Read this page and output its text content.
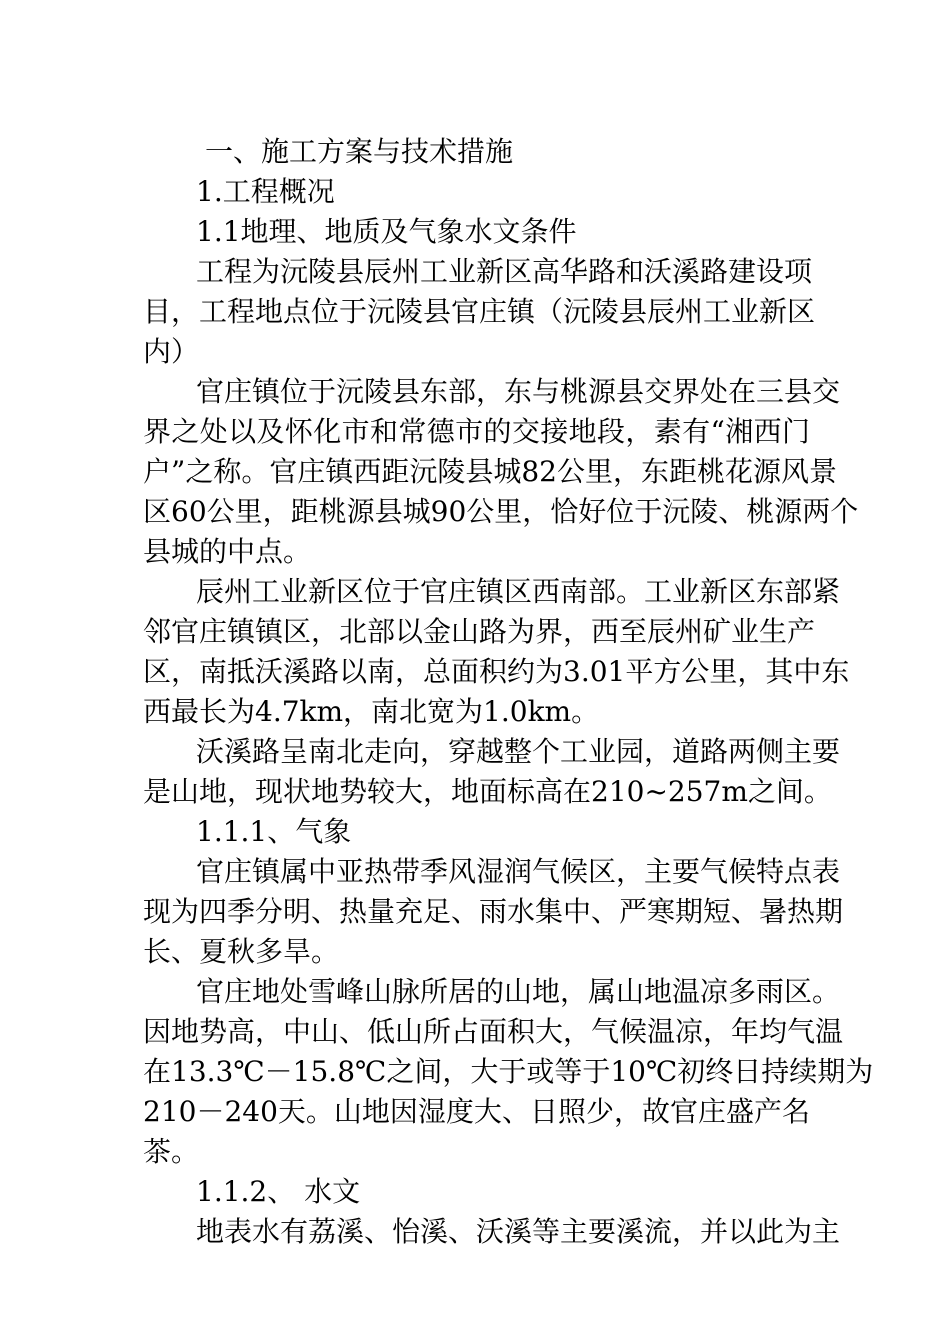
一、施工方案与技术措施
1.工程概况
1.1地理、地质及气象水文条件
工程为沅陵县辰州工业新区高华路和沃溪路建设项
目，工程地点位于沅陵县官庄镇（沅陵县辰州工业新区
内）
官庄镇位于沅陵县东部，东与桃源县交界处在三县交
界之处以及怀化市和常德市的交接地段，素有“湘西门
户”之称。官庄镇西距沅陵县城82公里，东距桃花源风景
区60公里，距桃源县城90公里，恰好位于沅陵、桃源两个
县城的中点。
辰州工业新区位于官庄镇区西南部。工业新区东部紧
邻官庄镇镇区，北部以金山路为界，西至辰州矿业生产
区，南抵沃溪路以南，总面积约为3.01平方公里，其中东
西最长为4.7km，南北宽为1.0km。
沃溪路呈南北走向，穿越整个工业园，道路两侧主要
是山地，现状地势较大，地面标高在210~257m之间。
1.1.1、气象
官庄镇属中亚热带季风湿润气候区，主要气候特点表
现为四季分明、热量充足、雨水集中、严寒期短、暑热期
长、夏秋多旱。
官庄地处雪峰山脉所居的山地，属山地温凉多雨区。
因地势高，中山、低山所占面积大，气候温凉，年均气温
在13.3℃－15.8℃之间，大于或等于10℃初终日持续期为
210－240天。山地因湿度大、日照少，故官庄盛产名
茶。
1.1.2、 水文
地表水有荔溪、怡溪、沃溪等主要溪流，并以此为主
